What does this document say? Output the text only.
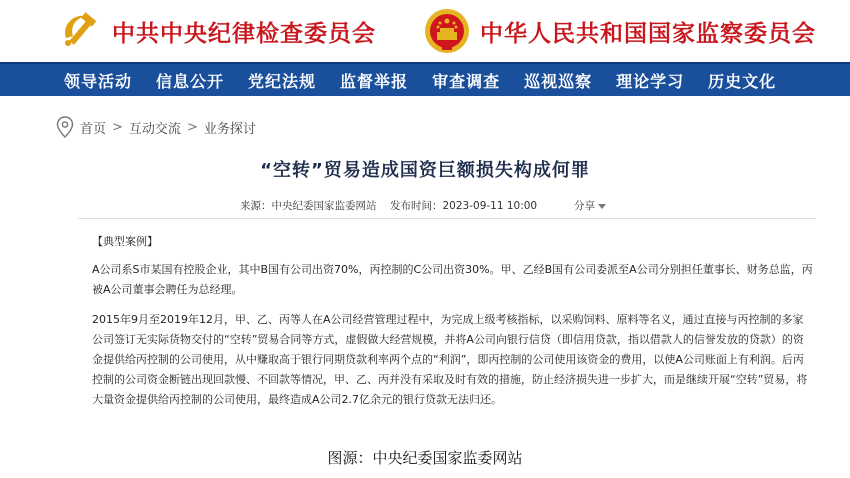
中共中央纪律检查委员会	中华人民共和国国家监察委员会
领导活动 信息公开 党纪法规 监督举报 审查调查 巡视巡察 理论学习 历史文化
首页 > 互动交流 > 业务探讨
“空转”贸易造成国资巨额损失构成何罪
来源：中央纪委国家监委网站 发布时间：2023-09-11 10:00	分享

【典型案例】

A公司系S市某国有控股企业，其中B国有公司出资70%，丙控制的C公司出资30%。甲、乙经B国有公司委派至A公司分别担任董事长、财务总监，丙被A公司董事会聘任为总经理。

2015年9月至2019年12月，甲、乙、丙等人在A公司经营管理过程中，为完成上级考核指标，以采购饲料、原料等名义，通过直接与丙控制的多家公司签订无实际货物交付的“空转”贸易合同等方式，虚假做大经营规模，并将A公司向银行信贷（即信用贷款，指以借款人的信誉发放的贷款）的资金提供给丙控制的公司使用，从中赚取高于银行同期贷款利率两个点的“利润”，即丙控制的公司使用该资金的费用，以使A公司账面上有利润。后丙控制的公司资金断链出现回款慢、不回款等情况，甲、乙、丙并没有采取及时有效的措施，防止经济损失进一步扩大，而是继续开展“空转”贸易，将大量资金提供给丙控制的公司使用，最终造成A公司2.7亿余元的银行贷款无法归还。

图源：中央纪委国家监委网站
